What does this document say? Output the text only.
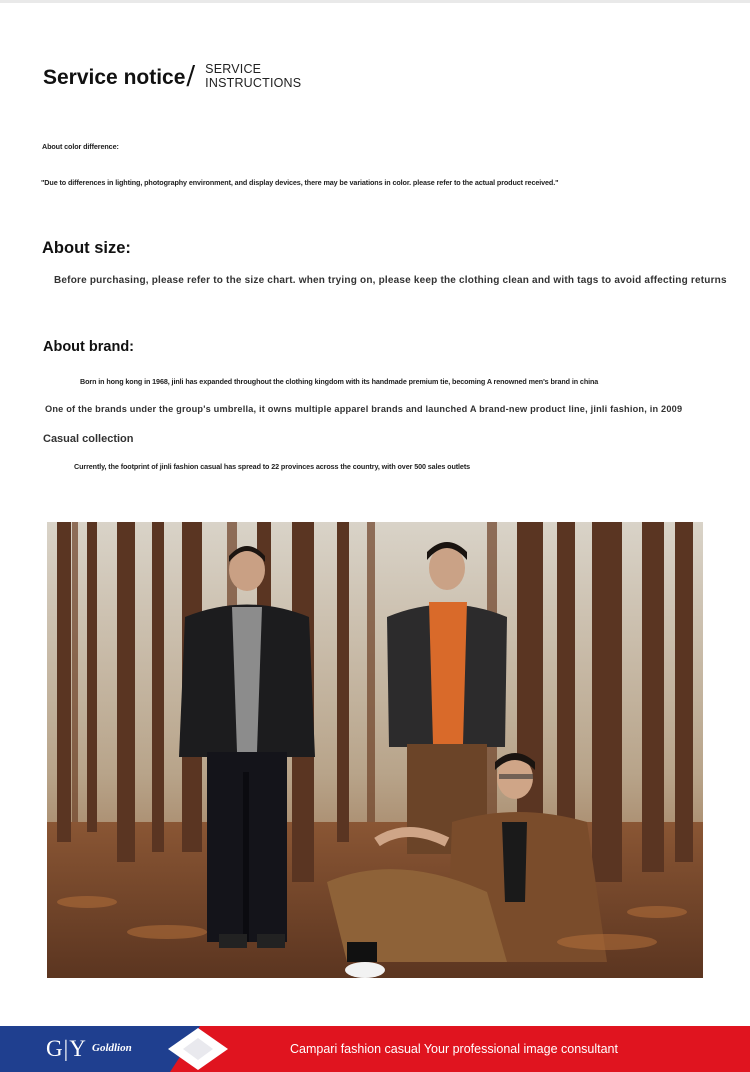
Service notice / SERVICE
INSTRUCTIONS
About color difference:
"Due to differences in lighting, photography environment, and display devices, there may be variations in color. please refer to the actual product received."
About size:
Before purchasing, please refer to the size chart. when trying on, please keep the clothing clean and with tags to avoid affecting returns
About brand:
Born in hong kong in 1968, jinli has expanded throughout the clothing kingdom with its handmade premium tie, becoming A renowned men's brand in china
One of the brands under the group's umbrella, it owns multiple apparel brands and launched A brand-new product line, jinli fashion, in 2009
Casual collection
Currently, the footprint of jinli fashion casual has spread to 22 provinces across the country, with over 500 sales outlets
G|Y Goldlion	Campari fashion casual Your professional image consultant
